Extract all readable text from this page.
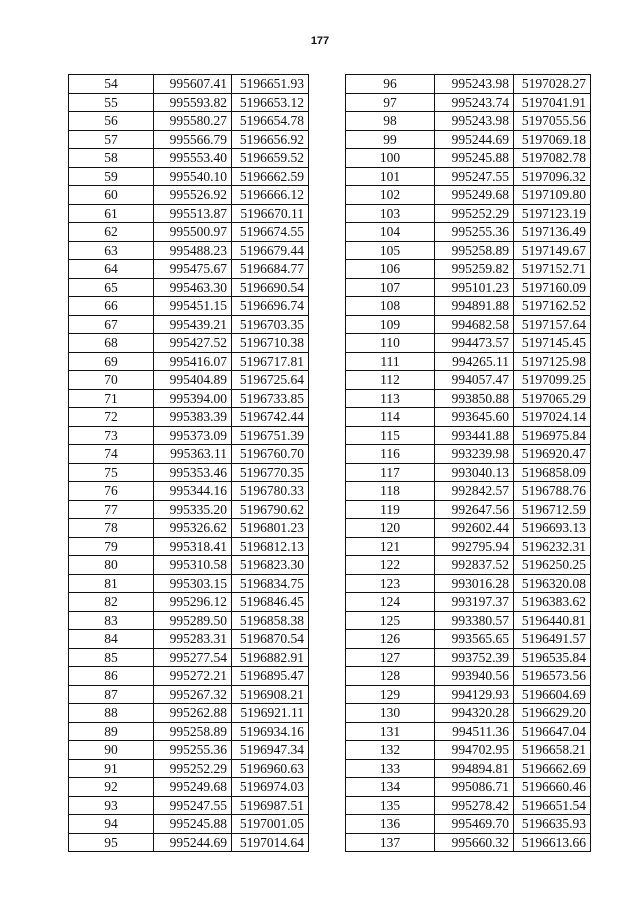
177
54	995607.41	5196651.93
55	995593.82	5196653.12
56	995580.27	5196654.78
57	995566.79	5196656.92
58	995553.40	5196659.52
59	995540.10	5196662.59
60	995526.92	5196666.12
61	995513.87	5196670.11
62	995500.97	5196674.55
63	995488.23	5196679.44
64	995475.67	5196684.77
65	995463.30	5196690.54
66	995451.15	5196696.74
67	995439.21	5196703.35
68	995427.52	5196710.38
69	995416.07	5196717.81
70	995404.89	5196725.64
71	995394.00	5196733.85
72	995383.39	5196742.44
73	995373.09	5196751.39
74	995363.11	5196760.70
75	995353.46	5196770.35
76	995344.16	5196780.33
77	995335.20	5196790.62
78	995326.62	5196801.23
79	995318.41	5196812.13
80	995310.58	5196823.30
81	995303.15	5196834.75
82	995296.12	5196846.45
83	995289.50	5196858.38
84	995283.31	5196870.54
85	995277.54	5196882.91
86	995272.21	5196895.47
87	995267.32	5196908.21
88	995262.88	5196921.11
89	995258.89	5196934.16
90	995255.36	5196947.34
91	995252.29	5196960.63
92	995249.68	5196974.03
93	995247.55	5196987.51
94	995245.88	5197001.05
95	995244.69	5197014.64
96	995243.98	5197028.27
97	995243.74	5197041.91
98	995243.98	5197055.56
99	995244.69	5197069.18
100	995245.88	5197082.78
101	995247.55	5197096.32
102	995249.68	5197109.80
103	995252.29	5197123.19
104	995255.36	5197136.49
105	995258.89	5197149.67
106	995259.82	5197152.71
107	995101.23	5197160.09
108	994891.88	5197162.52
109	994682.58	5197157.64
110	994473.57	5197145.45
111	994265.11	5197125.98
112	994057.47	5197099.25
113	993850.88	5197065.29
114	993645.60	5197024.14
115	993441.88	5196975.84
116	993239.98	5196920.47
117	993040.13	5196858.09
118	992842.57	5196788.76
119	992647.56	5196712.59
120	992602.44	5196693.13
121	992795.94	5196232.31
122	992837.52	5196250.25
123	993016.28	5196320.08
124	993197.37	5196383.62
125	993380.57	5196440.81
126	993565.65	5196491.57
127	993752.39	5196535.84
128	993940.56	5196573.56
129	994129.93	5196604.69
130	994320.28	5196629.20
131	994511.36	5196647.04
132	994702.95	5196658.21
133	994894.81	5196662.69
134	995086.71	5196660.46
135	995278.42	5196651.54
136	995469.70	5196635.93
137	995660.32	5196613.66
